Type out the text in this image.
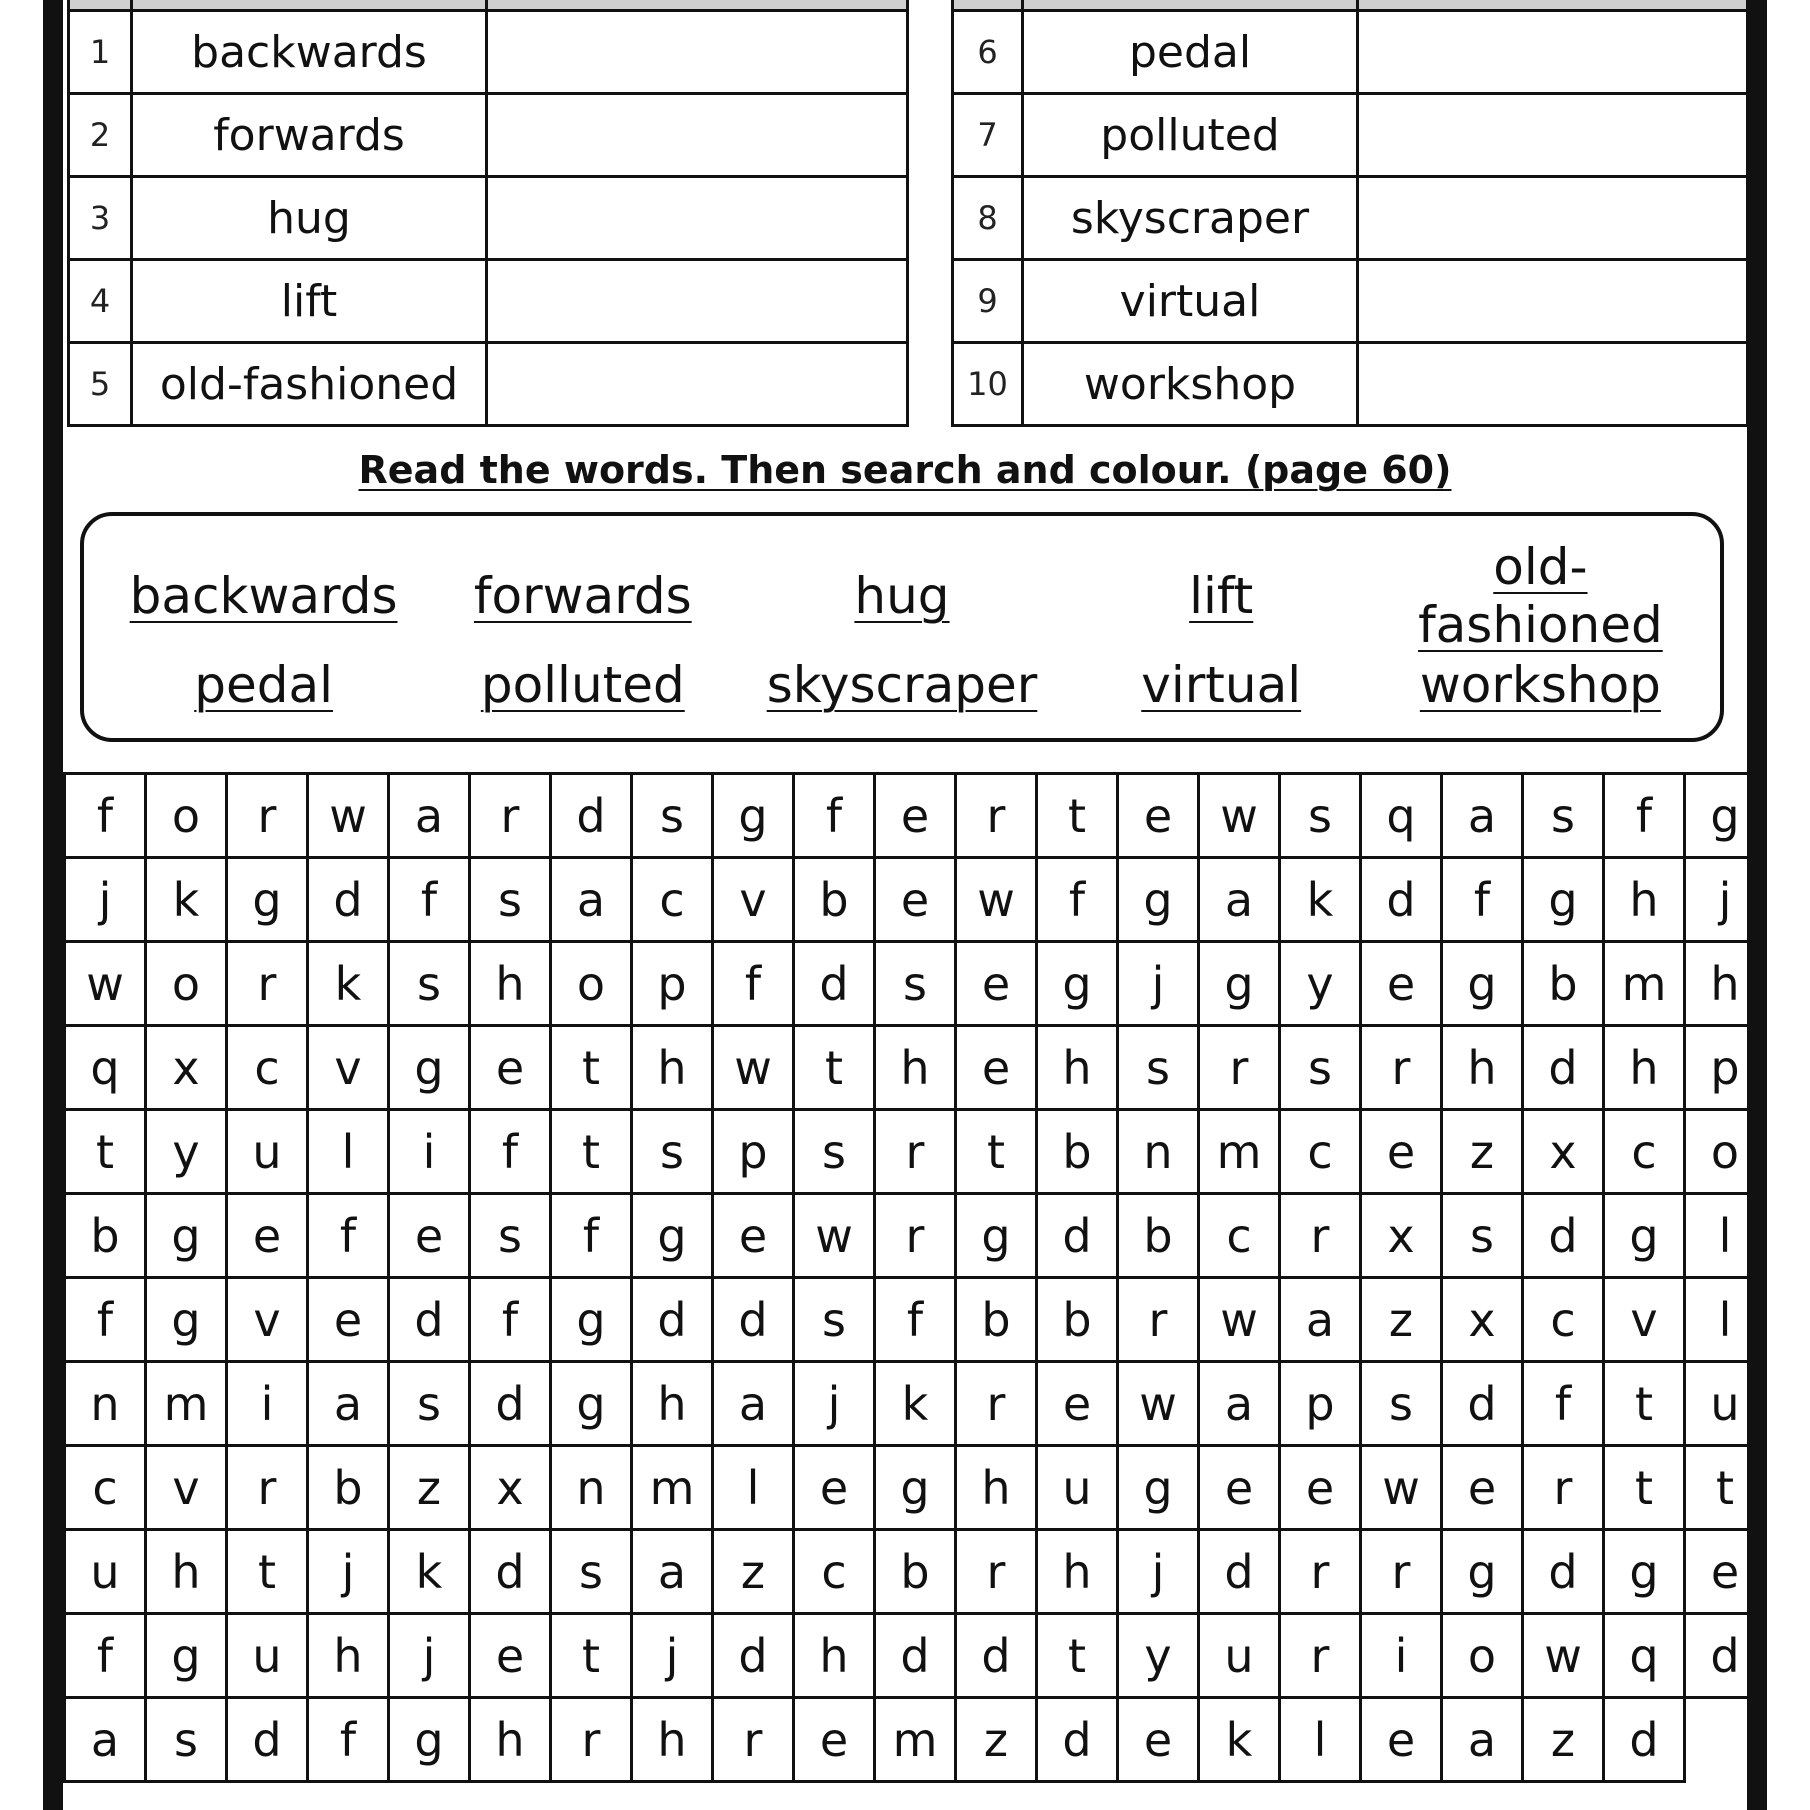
1	backwards	
2	forwards	
3	hug	
4	lift	
5	old-fashioned	

6	pedal	
7	polluted	
8	skyscraper	
9	virtual	
10	workshop	
Read the words. Then search and colour. (page 60)
backwards	forwards	hug	lift	old-fashioned
pedal	polluted	skyscraper	virtual	workshop
f	o	r	w	a	r	d	s	g	f	e	r	t	e	w	s	q	a	s	f	g
j	k	g	d	f	s	a	c	v	b	e	w	f	g	a	k	d	f	g	h	j
w	o	r	k	s	h	o	p	f	d	s	e	g	j	g	y	e	g	b	m	h
q	x	c	v	g	e	t	h	w	t	h	e	h	s	r	s	r	h	d	h	p
t	y	u	l	i	f	t	s	p	s	r	t	b	n	m	c	e	z	x	c	o
b	g	e	f	e	s	f	g	e	w	r	g	d	b	c	r	x	s	d	g	l
f	g	v	e	d	f	g	d	d	s	f	b	b	r	w	a	z	x	c	v	l
n	m	i	a	s	d	g	h	a	j	k	r	e	w	a	p	s	d	f	t	u
c	v	r	b	z	x	n	m	l	e	g	h	u	g	e	e	w	e	r	t	t
u	h	t	j	k	d	s	a	z	c	b	r	h	j	d	r	r	g	d	g	e
f	g	u	h	j	e	t	j	d	h	d	d	t	y	u	r	i	o	w	q	d
a	s	d	f	g	h	r	h	r	e	m	z	d	e	k	l	e	a	z	d	
